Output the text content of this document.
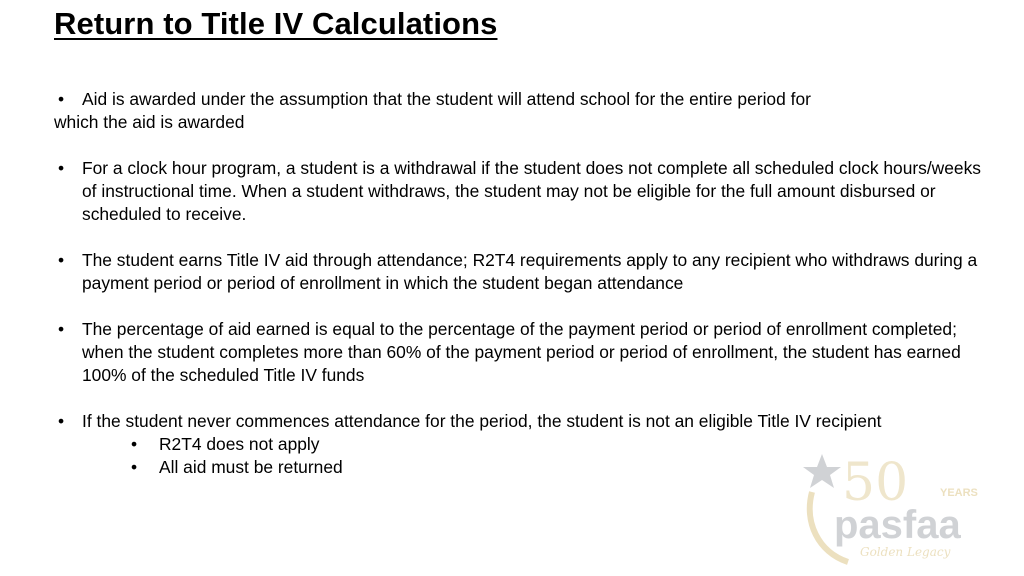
Return to Title IV Calculations

• Aid is awarded under the assumption that the student will attend school for the entire period for
which the aid is awarded

• For a clock hour program, a student is a withdrawal if the student does not complete all scheduled clock hours/weeks of instructional time. When a student withdraws, the student may not be eligible for the full amount disbursed or scheduled to receive.
• The student earns Title IV aid through attendance; R2T4 requirements apply to any recipient who withdraws during a payment period or period of enrollment in which the student began attendance
• The percentage of aid earned is equal to the percentage of the payment period or period of enrollment completed; when the student completes more than 60% of the payment period or period of enrollment, the student has earned 100% of the scheduled Title IV funds
• If the student never commences attendance for the period, the student is not an eligible Title IV recipient

• R2T4 does not apply

• All aid must be returned	50	YEARS
pasfaa
Golden Legacy
